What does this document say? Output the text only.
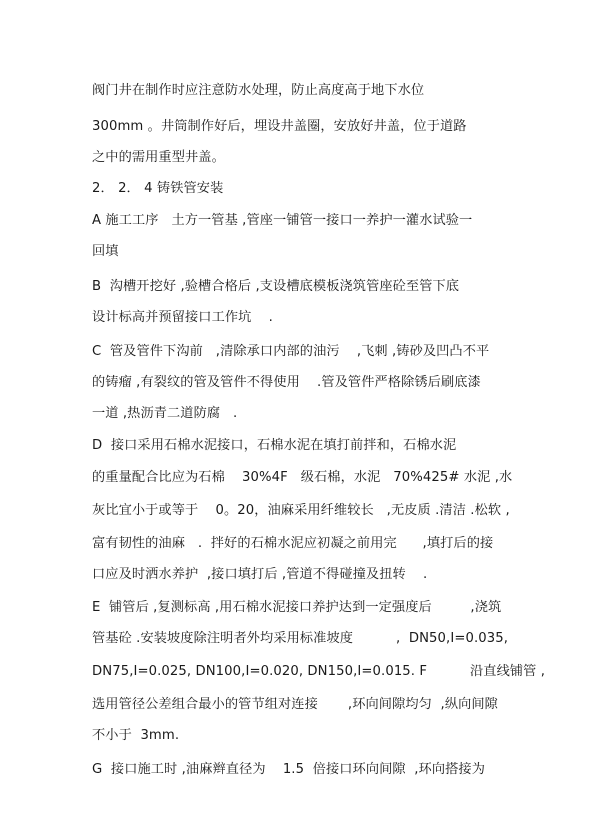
阀门井在制作时应注意防水处理，防止高度高于地下水位
300mm 。井筒制作好后，埋设井盖圈，安放好井盖，位于道路
之中的需用重型井盖。
2． 2． 4 铸铁管安装
A 施工工序   土方一管基 ,管座一铺管一接口一养护一灌水试验一
回填
B  沟槽开挖好 ,验槽合格后 ,支设槽底模板浇筑管座砼至管下底
设计标高并预留接口工作坑    .
C  管及管件下沟前   ,清除承口内部的油污    ,飞刺 ,铸砂及凹凸不平
的铸瘤 ,有裂纹的管及管件不得使用    .管及管件严格除锈后刷底漆
一道 ,热沥青二道防腐   .
D  接口采用石棉水泥接口，石棉水泥在填打前拌和，石棉水泥
的重量配合比应为石棉    30%4F   级石棉，水泥   70%425# 水泥 ,水
灰比宜小于或等于    0。20，油麻采用纤维较长   ,无皮质 .清洁 .松软 ,
富有韧性的油麻   .  拌好的石棉水泥应初凝之前用完      ,填打后的接
口应及时洒水养护  ,接口填打后 ,管道不得碰撞及扭转    .
E  铺管后 ,复测标高 ,用石棉水泥接口养护达到一定强度后         ,浇筑
管基砼 .安装坡度除注明者外均采用标准坡度          ,  DN50,I=0.035,
DN75,I=0.025, DN100,I=0.020, DN150,I=0.015. F          沿直线铺管 ,
选用管径公差组合最小的管节组对连接       ,环向间隙均匀  ,纵向间隙
不小于  3mm.
G  接口施工时 ,油麻辫直径为    1.5  倍接口环向间隙  ,环向搭接为
